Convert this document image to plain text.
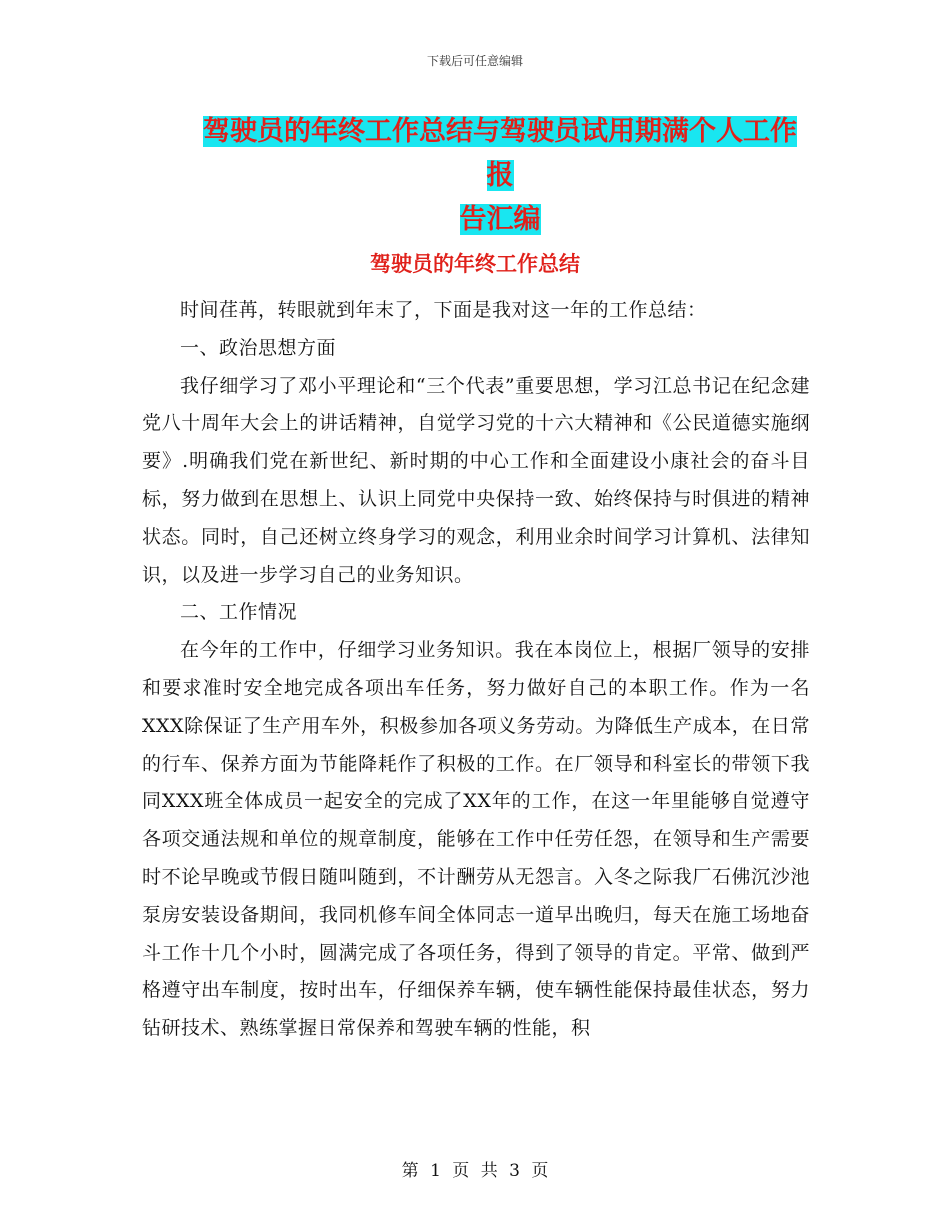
下载后可任意编辑
驾驶员的年终工作总结与驾驶员试用期满个人工作报
告汇编
驾驶员的年终工作总结

时间荏苒，转眼就到年末了，下面是我对这一年的工作总结：

一、政治思想方面

我仔细学习了邓小平理论和“三个代表”重要思想，学习江总书记在纪念建党八十周年大会上的讲话精神，自觉学习党的十六大精神和《公民道德实施纲要》.明确我们党在新世纪、新时期的中心工作和全面建设小康社会的奋斗目标，努力做到在思想上、认识上同党中央保持一致、始终保持与时俱进的精神状态。同时，自己还树立终身学习的观念，利用业余时间学习计算机、法律知识，以及进一步学习自己的业务知识。

二、工作情况

在今年的工作中，仔细学习业务知识。我在本岗位上，根据厂领导的安排和要求准时安全地完成各项出车任务，努力做好自己的本职工作。作为一名XXX除保证了生产用车外，积极参加各项义务劳动。为降低生产成本，在日常的行车、保养方面为节能降耗作了积极的工作。在厂领导和科室长的带领下我同XXX班全体成员一起安全的完成了XX年的工作，在这一年里能够自觉遵守各项交通法规和单位的规章制度，能够在工作中任劳任怨，在领导和生产需要时不论早晚或节假日随叫随到，不计酬劳从无怨言。入冬之际我厂石佛沉沙池泵房安装设备期间，我同机修车间全体同志一道早出晚归，每天在施工场地奋斗工作十几个小时，圆满完成了各项任务，得到了领导的肯定。平常、做到严格遵守出车制度，按时出车，仔细保养车辆，使车辆性能保持最佳状态，努力钻研技术、熟练掌握日常保养和驾驶车辆的性能，积

第 1 页 共 3 页
